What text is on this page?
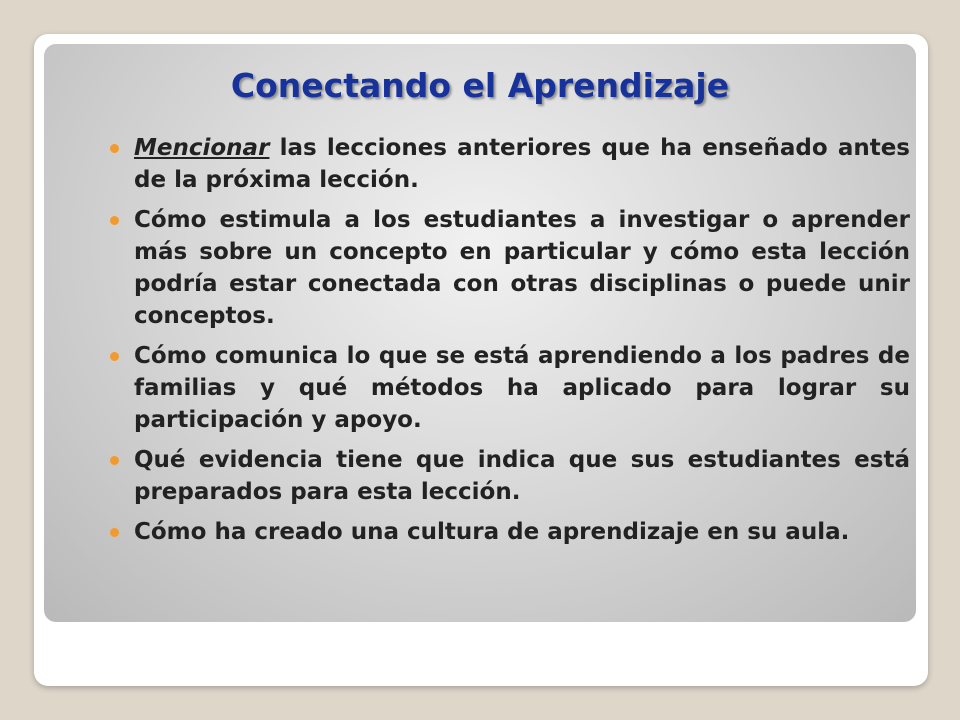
Conectando el Aprendizaje
Mencionar las lecciones anteriores que ha enseñado antes de la próxima lección.
Cómo estimula a los estudiantes a investigar o aprender más sobre un concepto en particular y cómo esta lección podría estar conectada con otras disciplinas o puede unir conceptos.
Cómo comunica lo que se está aprendiendo a los padres de familias y qué métodos ha aplicado para lograr su participación y apoyo.
Qué evidencia tiene que indica que sus estudiantes está preparados para esta lección.
Cómo ha creado una cultura de aprendizaje en su aula.
